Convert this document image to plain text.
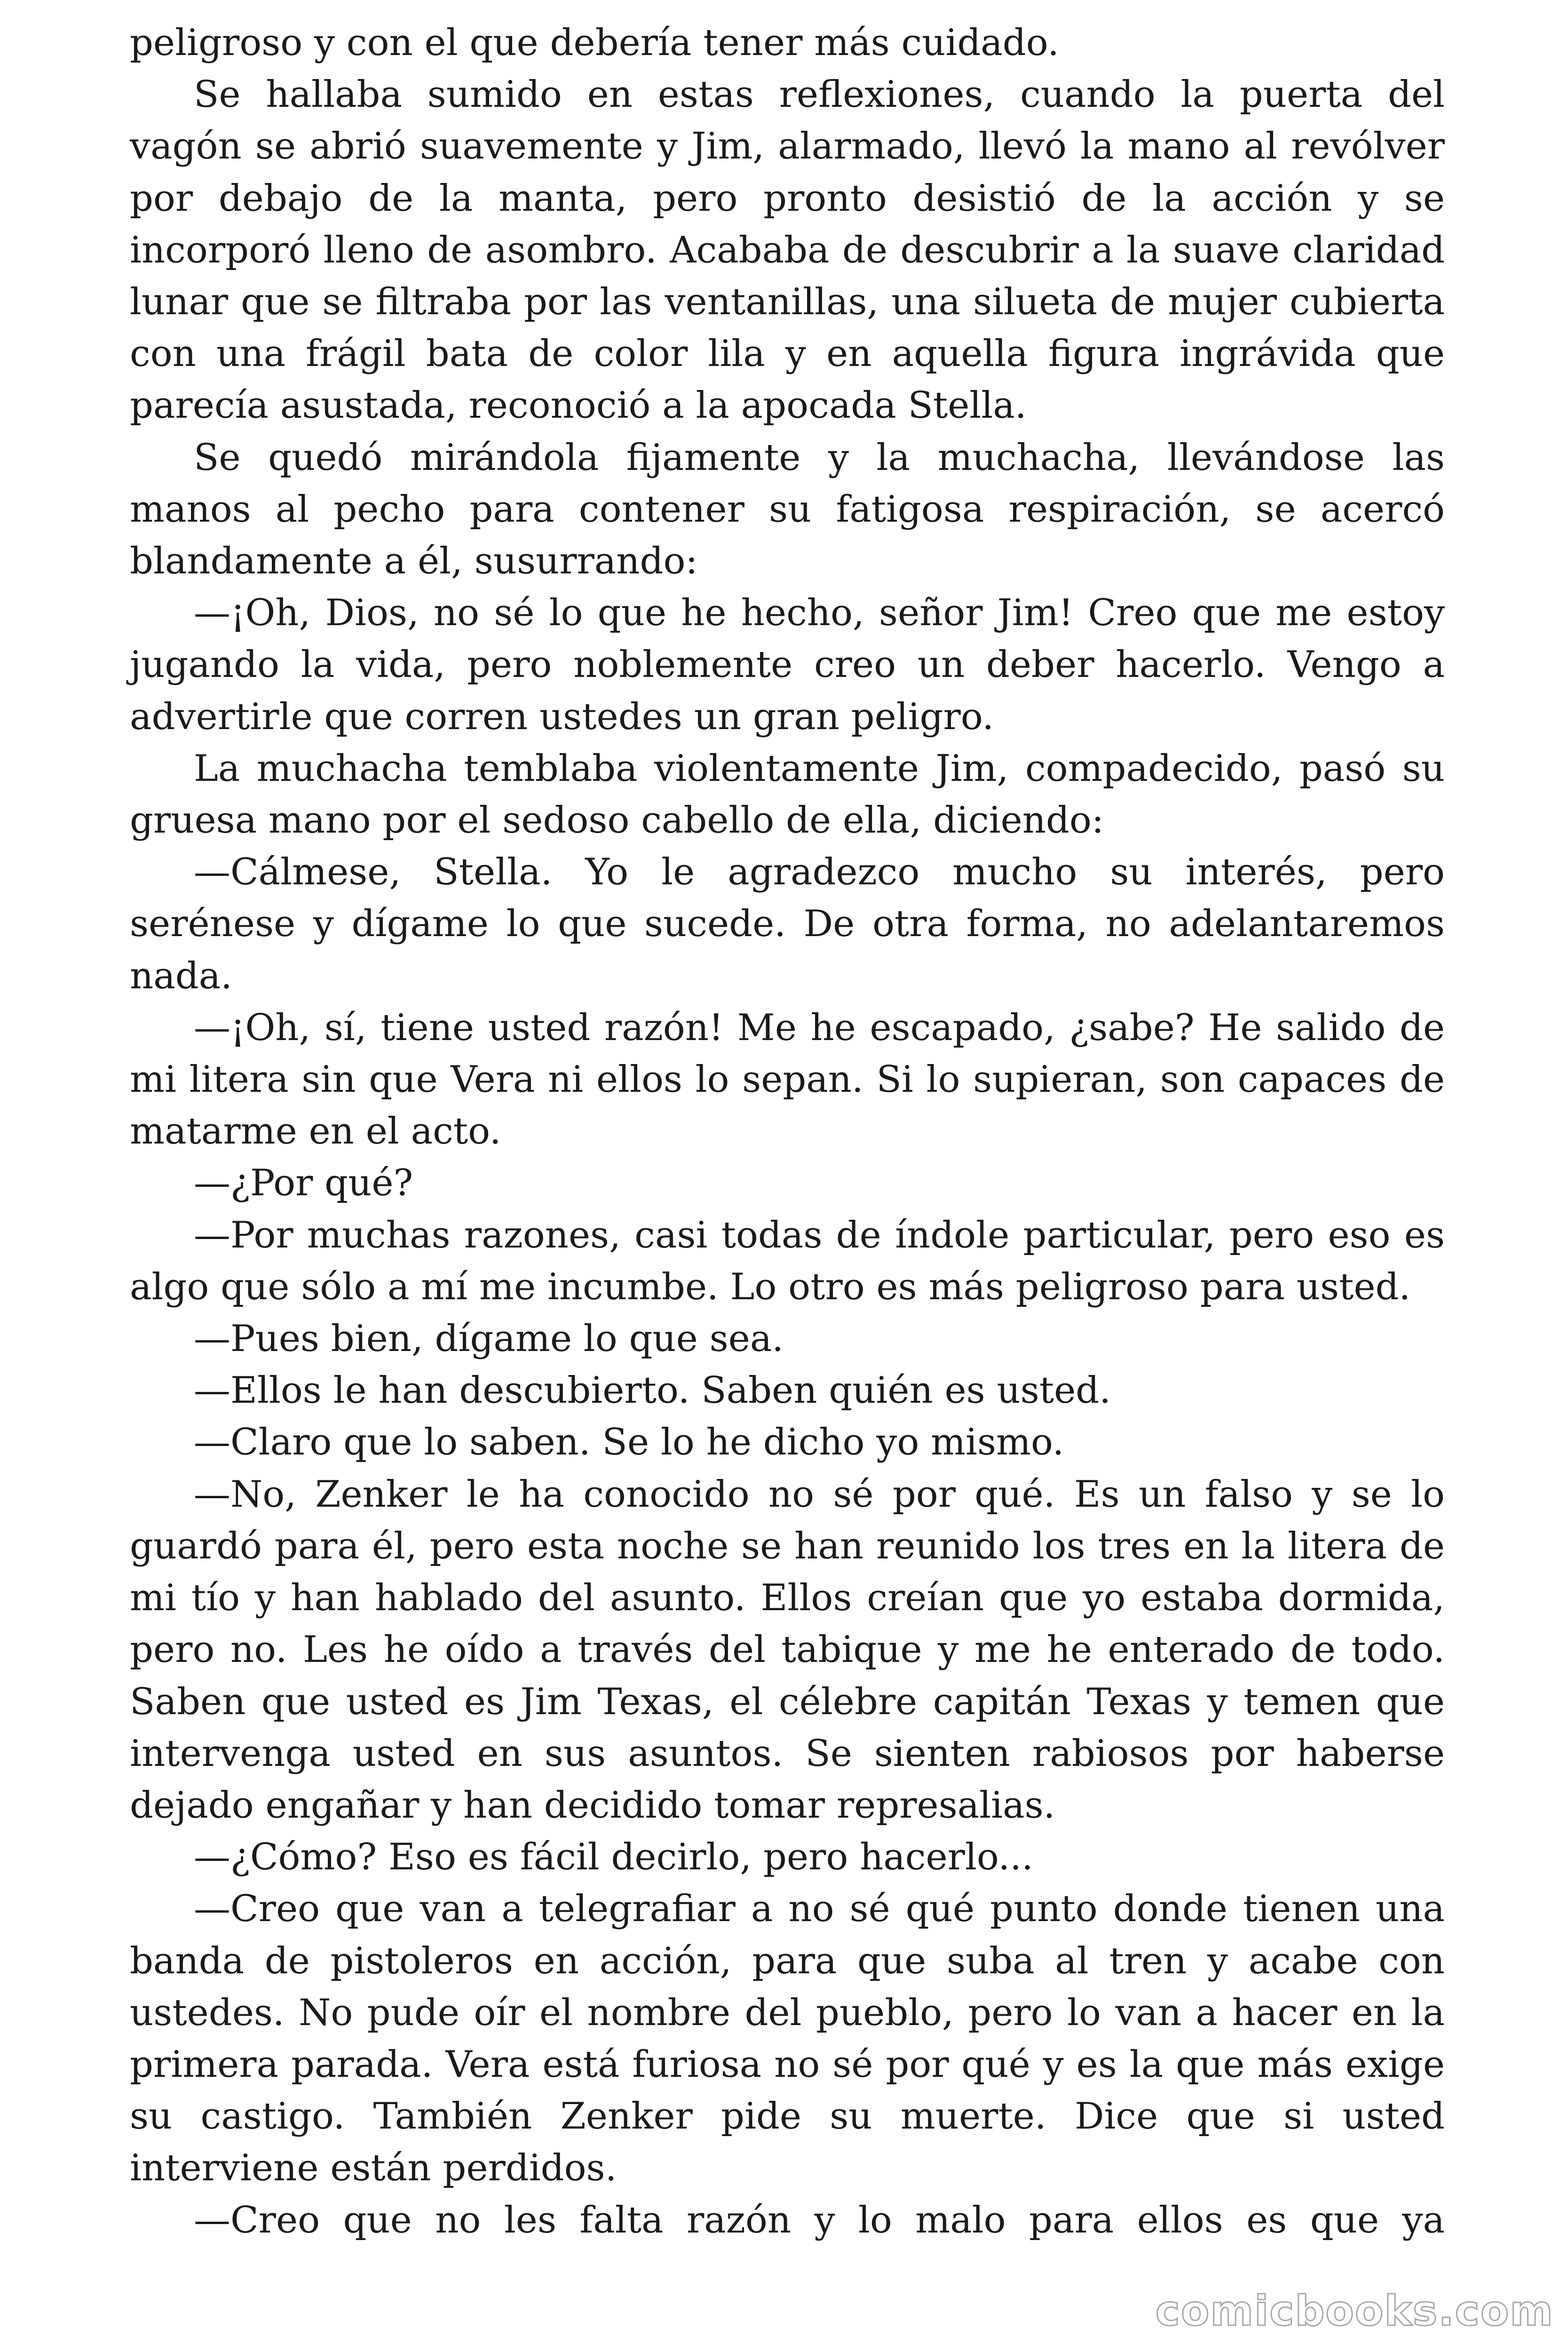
peligroso y con el que debería tener más cuidado.

Se hallaba sumido en estas reflexiones, cuando la puerta del vagón se abrió suavemente y Jim, alarmado, llevó la mano al revólver por debajo de la manta, pero pronto desistió de la acción y se incorporó lleno de asombro. Acababa de descubrir a la suave claridad lunar que se filtraba por las ventanillas, una silueta de mujer cubierta con una frágil bata de color lila y en aquella figura ingrávida que parecía asustada, reconoció a la apocada Stella.

Se quedó mirándola fijamente y la muchacha, llevándose las manos al pecho para contener su fatigosa respiración, se acercó blandamente a él, susurrando:

—¡Oh, Dios, no sé lo que he hecho, señor Jim! Creo que me estoy jugando la vida, pero noblemente creo un deber hacerlo. Vengo a advertirle que corren ustedes un gran peligro.

La muchacha temblaba violentamente Jim, compadecido, pasó su gruesa mano por el sedoso cabello de ella, diciendo:

—Cálmese, Stella. Yo le agradezco mucho su interés, pero serénese y dígame lo que sucede. De otra forma, no adelantaremos nada.

—¡Oh, sí, tiene usted razón! Me he escapado, ¿sabe? He salido de mi litera sin que Vera ni ellos lo sepan. Si lo supieran, son capaces de matarme en el acto.

—¿Por qué?

—Por muchas razones, casi todas de índole particular, pero eso es algo que sólo a mí me incumbe. Lo otro es más peligroso para usted.

—Pues bien, dígame lo que sea.

—Ellos le han descubierto. Saben quién es usted.

—Claro que lo saben. Se lo he dicho yo mismo.

—No, Zenker le ha conocido no sé por qué. Es un falso y se lo guardó para él, pero esta noche se han reunido los tres en la litera de mi tío y han hablado del asunto. Ellos creían que yo estaba dormida, pero no. Les he oído a través del tabique y me he enterado de todo. Saben que usted es Jim Texas, el célebre capitán Texas y temen que intervenga usted en sus asuntos. Se sienten rabiosos por haberse dejado engañar y han decidido tomar represalias.

—¿Cómo? Eso es fácil decirlo, pero hacerlo...

—Creo que van a telegrafiar a no sé qué punto donde tienen una banda de pistoleros en acción, para que suba al tren y acabe con ustedes. No pude oír el nombre del pueblo, pero lo van a hacer en la primera parada. Vera está furiosa no sé por qué y es la que más exige su castigo. También Zenker pide su muerte. Dice que si usted interviene están perdidos.

—Creo que no les falta razón y lo malo para ellos es que ya

comicbooks.com
